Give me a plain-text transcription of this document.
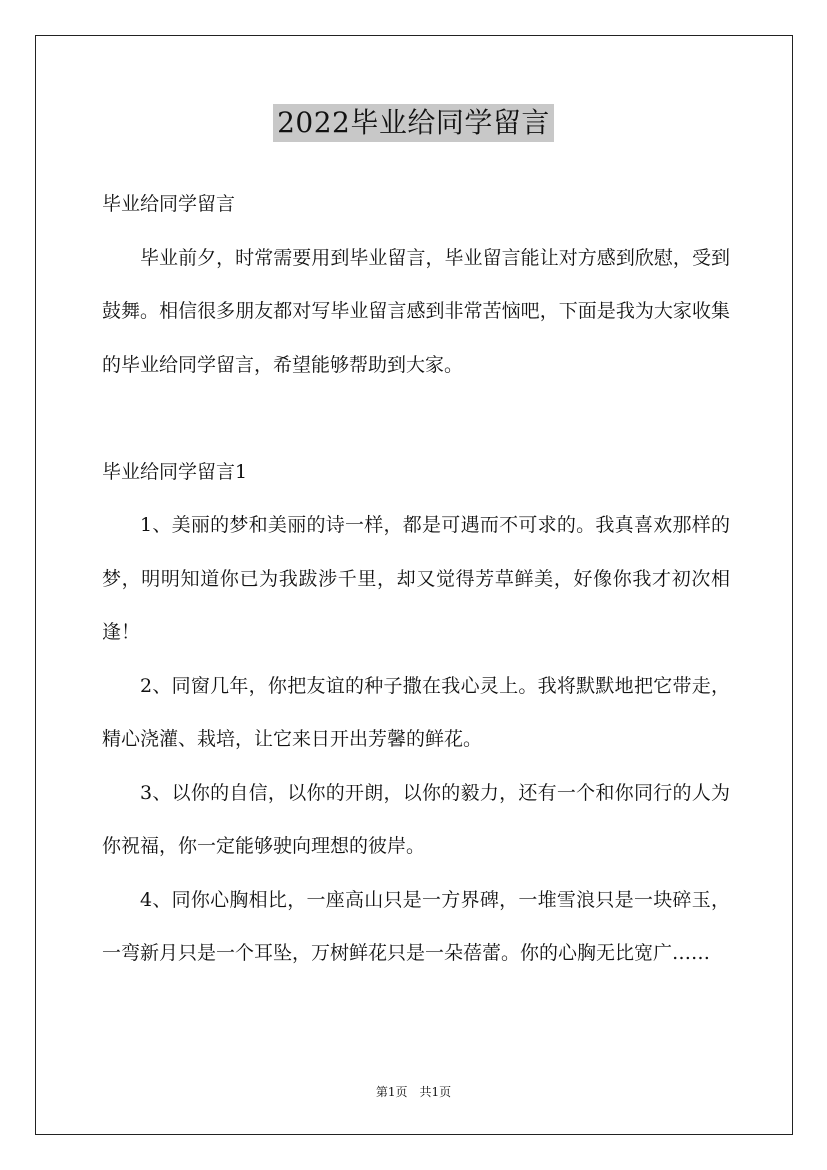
2022毕业给同学留言

毕业给同学留言

毕业前夕，时常需要用到毕业留言，毕业留言能让对方感到欣慰，受到鼓舞。相信很多朋友都对写毕业留言感到非常苦恼吧，下面是我为大家收集的毕业给同学留言，希望能够帮助到大家。

毕业给同学留言1

1、美丽的梦和美丽的诗一样，都是可遇而不可求的。我真喜欢那样的梦，明明知道你已为我跋涉千里，却又觉得芳草鲜美，好像你我才初次相逢！

2、同窗几年，你把友谊的种子撒在我心灵上。我将默默地把它带走，精心浇灌、栽培，让它来日开出芳馨的鲜花。

3、以你的自信，以你的开朗，以你的毅力，还有一个和你同行的人为你祝福，你一定能够驶向理想的彼岸。

4、同你心胸相比，一座高山只是一方界碑，一堆雪浪只是一块碎玉，一弯新月只是一个耳坠，万树鲜花只是一朵蓓蕾。你的心胸无比宽广……

第1页　共1页
